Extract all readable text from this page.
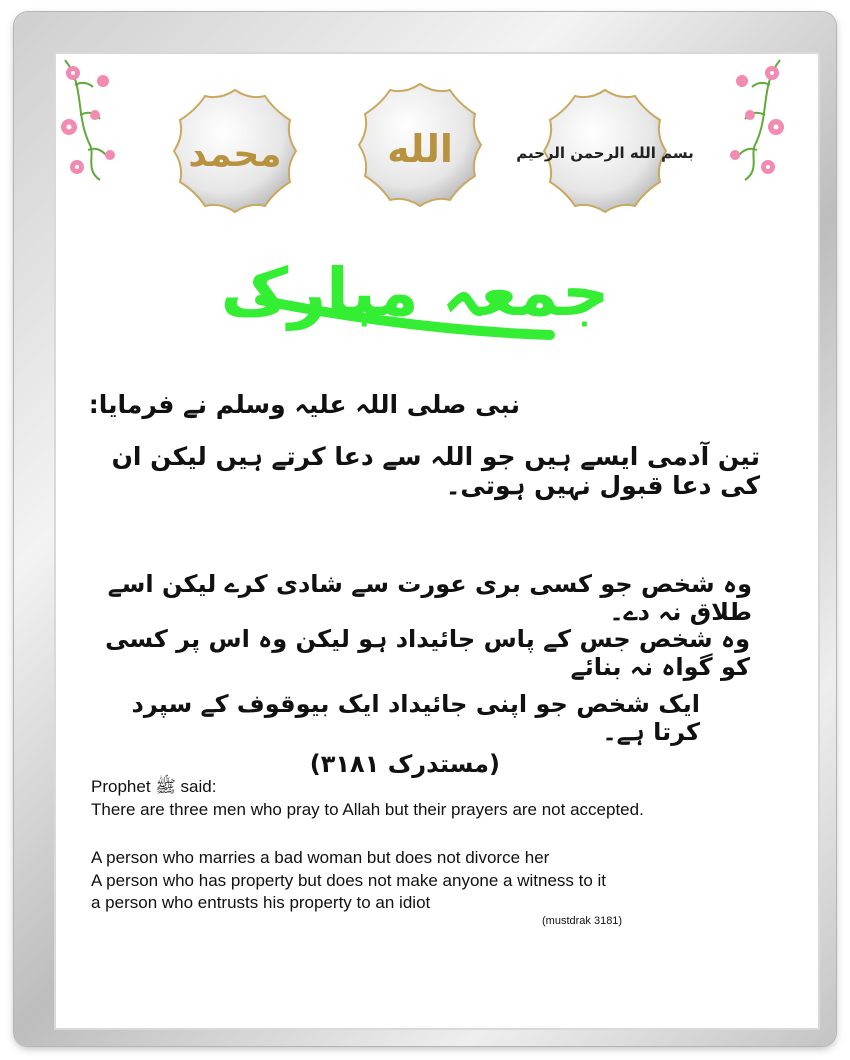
محمد	الله	بسم الله الرحمن الرحيم
جمعہ مبارک
نبی صلی اللہ علیہ وسلم نے فرمایا:
تین آدمی ایسے ہیں جو اللہ سے دعا کرتے ہیں لیکن ان کی دعا قبول نہیں ہوتی۔
وہ شخص جو کسی بری عورت سے شادی کرے لیکن اسے طلاق نہ دے۔
وہ شخص جس کے پاس جائیداد ہو لیکن وہ اس پر کسی کو گواہ نہ بنائے
ایک شخص جو اپنی جائیداد ایک بیوقوف کے سپرد کرتا ہے۔
(مستدرک ۳۱۸۱)
Prophet ﷺ said:
There are three men who pray to Allah but their prayers are not accepted.
A person who marries a bad woman but does not divorce her
A person who has property but does not make anyone a witness to it
a person who entrusts his property to an idiot
(mustdrak 3181)
